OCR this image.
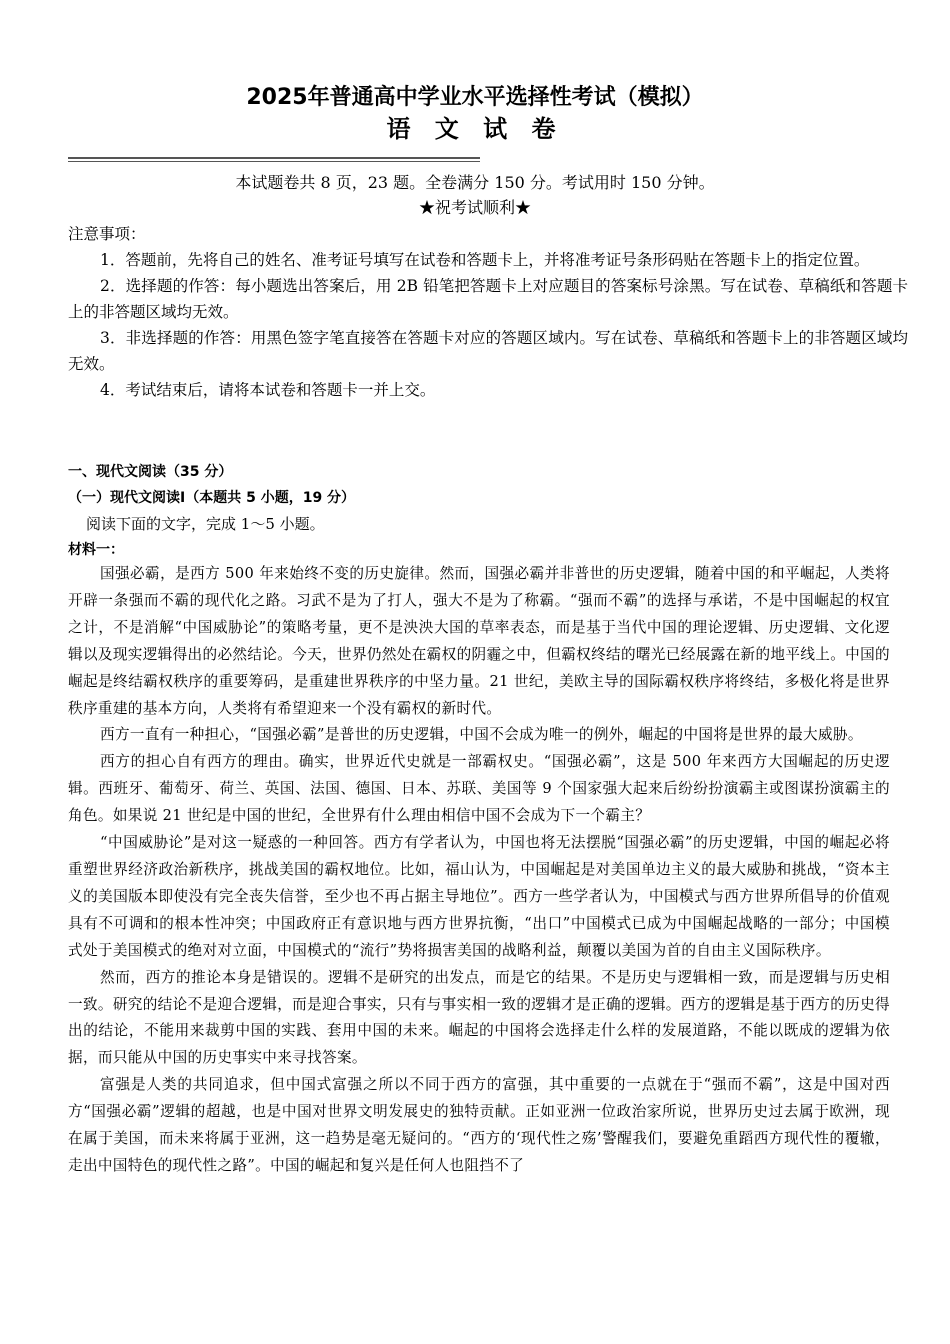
2025年普通高中学业水平选择性考试（模拟）
语 文 试 卷
本试题卷共 8 页，23 题。全卷满分 150 分。考试用时 150 分钟。
★祝考试顺利★

注意事项：

1．答题前，先将自己的姓名、准考证号填写在试卷和答题卡上，并将准考证号条形码贴在答题卡上的指定位置。

2．选择题的作答：每小题选出答案后，用 2B 铅笔把答题卡上对应题目的答案标号涂黑。写在试卷、草稿纸和答题卡上的非答题区域均无效。

3．非选择题的作答：用黑色签字笔直接答在答题卡对应的答题区域内。写在试卷、草稿纸和答题卡上的非答题区域均无效。

4．考试结束后，请将本试卷和答题卡一并上交。

一、现代文阅读（35 分）
（一）现代文阅读Ⅰ（本题共 5 小题，19 分）
阅读下面的文字，完成 1～5 小题。
材料一：

国强必霸，是西方 500 年来始终不变的历史旋律。然而，国强必霸并非普世的历史逻辑，随着中国的和平崛起，人类将开辟一条强而不霸的现代化之路。习武不是为了打人，强大不是为了称霸。“强而不霸”的选择与承诺，不是中国崛起的权宜之计，不是消解“中国威胁论”的策略考量，更不是泱泱大国的草率表态，而是基于当代中国的理论逻辑、历史逻辑、文化逻辑以及现实逻辑得出的必然结论。今天，世界仍然处在霸权的阴霾之中，但霸权终结的曙光已经展露在新的地平线上。中国的崛起是终结霸权秩序的重要筹码，是重建世界秩序的中坚力量。21 世纪，美欧主导的国际霸权秩序将终结，多极化将是世界秩序重建的基本方向，人类将有希望迎来一个没有霸权的新时代。

西方一直有一种担心，“国强必霸”是普世的历史逻辑，中国不会成为唯一的例外，崛起的中国将是世界的最大威胁。

西方的担心自有西方的理由。确实，世界近代史就是一部霸权史。“国强必霸”，这是 500 年来西方大国崛起的历史逻辑。西班牙、葡萄牙、荷兰、英国、法国、德国、日本、苏联、美国等 9 个国家强大起来后纷纷扮演霸主或图谋扮演霸主的角色。如果说 21 世纪是中国的世纪，全世界有什么理由相信中国不会成为下一个霸主？

“中国威胁论”是对这一疑惑的一种回答。西方有学者认为，中国也将无法摆脱“国强必霸”的历史逻辑，中国的崛起必将重塑世界经济政治新秩序，挑战美国的霸权地位。比如，福山认为，中国崛起是对美国单边主义的最大威胁和挑战，“资本主义的美国版本即使没有完全丧失信誉，至少也不再占据主导地位”。西方一些学者认为，中国模式与西方世界所倡导的价值观具有不可调和的根本性冲突；中国政府正有意识地与西方世界抗衡，“出口”中国模式已成为中国崛起战略的一部分；中国模式处于美国模式的绝对对立面，中国模式的“流行”势将损害美国的战略利益，颠覆以美国为首的自由主义国际秩序。

然而，西方的推论本身是错误的。逻辑不是研究的出发点，而是它的结果。不是历史与逻辑相一致，而是逻辑与历史相一致。研究的结论不是迎合逻辑，而是迎合事实，只有与事实相一致的逻辑才是正确的逻辑。西方的逻辑是基于西方的历史得出的结论，不能用来裁剪中国的实践、套用中国的未来。崛起的中国将会选择走什么样的发展道路，不能以既成的逻辑为依据，而只能从中国的历史事实中来寻找答案。

富强是人类的共同追求，但中国式富强之所以不同于西方的富强，其中重要的一点就在于“强而不霸”，这是中国对西方“国强必霸”逻辑的超越，也是中国对世界文明发展史的独特贡献。正如亚洲一位政治家所说，世界历史过去属于欧洲，现在属于美国，而未来将属于亚洲，这一趋势是毫无疑问的。“西方的‘现代性之殇’警醒我们，要避免重蹈西方现代性的覆辙，走出中国特色的现代性之路”。中国的崛起和复兴是任何人也阻挡不了
